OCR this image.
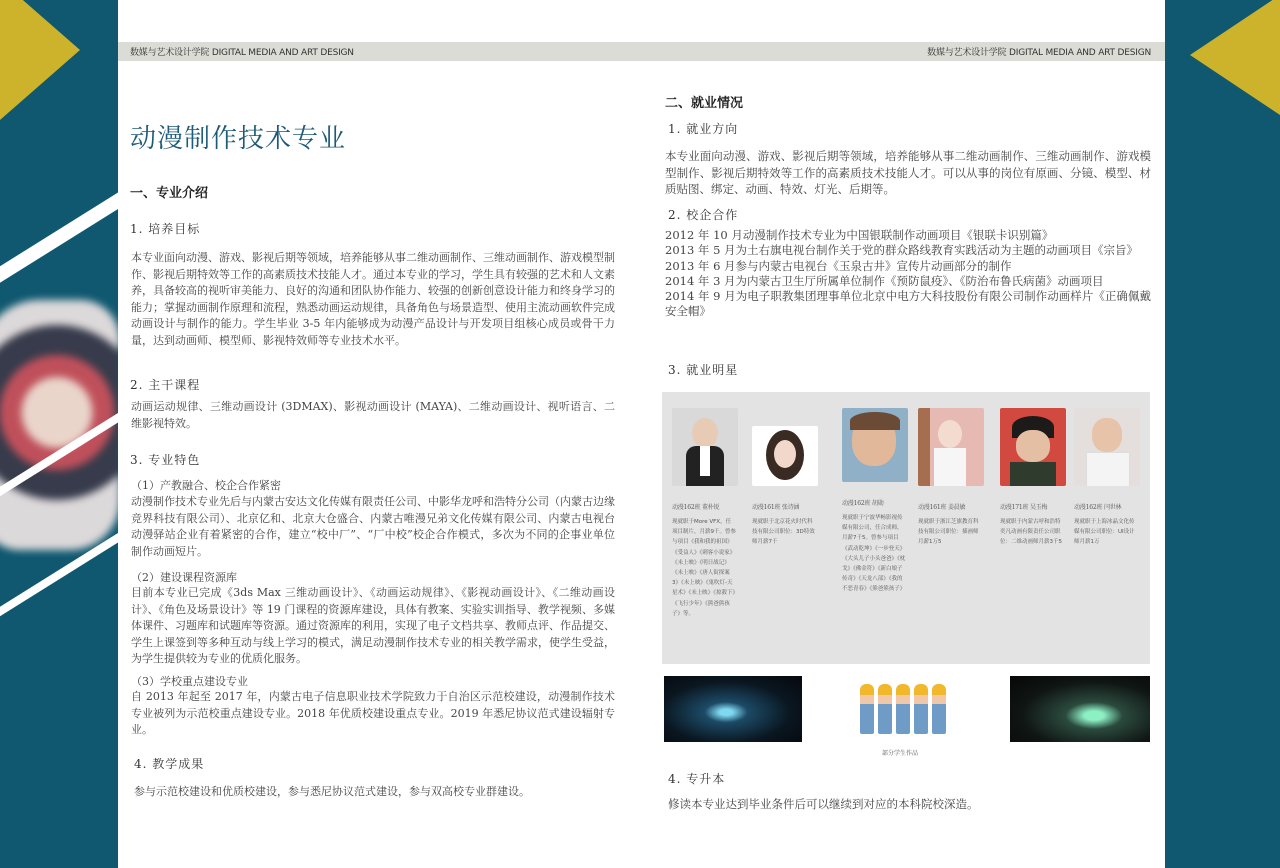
数媒与艺术设计学院 DIGITAL MEDIA AND ART DESIGN	数媒与艺术设计学院 DIGITAL MEDIA AND ART DESIGN
动漫制作技术专业
一、专业介绍
1. 培养目标
本专业面向动漫、游戏、影视后期等领域，培养能够从事二维动画制作、三维动画制作、游戏模型制作、影视后期特效等工作的高素质技术技能人才。通过本专业的学习，学生具有较强的艺术和人文素养，具备较高的视听审美能力、良好的沟通和团队协作能力、较强的创新创意设计能力和终身学习的能力；掌握动画制作原理和流程，熟悉动画运动规律，具备角色与场景造型、使用主流动画软件完成动画设计与制作的能力。学生毕业 3-5 年内能够成为动漫产品设计与开发项目组核心成员或骨干力量，达到动画师、模型师、影视特效师等专业技术水平。
2. 主干课程
动画运动规律、三维动画设计 (3DMAX)、影视动画设计 (MAYA)、二维动画设计、视听语言、二维影视特效。
3. 专业特色
（1）产教融合、校企合作紧密
动漫制作技术专业先后与内蒙古安达文化传媒有限责任公司、中影华龙呼和浩特分公司（内蒙古边缘竞界科技有限公司）、北京亿和、北京大仓盛合、内蒙古唯漫兄弟文化传媒有限公司、内蒙古电视台动漫驿站企业有着紧密的合作，建立“校中厂”、“厂中校”校企合作模式，多次为不同的企事业单位制作动画短片。
（2）建设课程资源库
目前本专业已完成《3ds Max 三维动画设计》、《动画运动规律》、《影视动画设计》、《二维动画设计》、《角色及场景设计》等 19 门课程的资源库建设，具体有教案、实验实训指导、教学视频、多媒体课件、习题库和试题库等资源。通过资源库的利用，实现了电子文档共享、教师点评、作品提交、学生上课签到等多种互动与线上学习的模式，满足动漫制作技术专业的相关教学需求，使学生受益，为学生提供较为专业的优质化服务。
（3）学校重点建设专业
自 2013 年起至 2017 年，内蒙古电子信息职业技术学院致力于自治区示范校建设，动漫制作技术专业被列为示范校重点建设专业。2018 年优质校建设重点专业。2019 年悉尼协议范式建设辐射专业。
4. 教学成果
参与示范校建设和优质校建设，参与悉尼协议范式建设，参与双高校专业群建设。
二、就业情况
1. 就业方向
本专业面向动漫、游戏、影视后期等领域，培养能够从事二维动画制作、三维动画制作、游戏模型制作、影视后期特效等工作的高素质技术技能人才。可以从事的岗位有原画、分镜、模型、材质贴图、绑定、动画、特效、灯光、后期等。
2. 校企合作
2012 年 10 月动漫制作技术专业为中国银联制作动画项目《银联卡识别篇》
2013 年 5 月为土右旗电视台制作关于党的群众路线教育实践活动为主题的动画项目《宗旨》
2013 年 6 月参与内蒙古电视台《玉泉古井》宣传片动画部分的制作
2014 年 3 月为内蒙古卫生厅所属单位制作《预防鼠疫》、《防治布鲁氏病菌》动画项目
2014 年 9 月为电子职教集团理事单位北京中电方大科技股份有限公司制作动画样片《正确佩戴安全帽》
3. 就业明星
动漫162班 董朴锐
现就职于More VFX，任项目制片，月薪9千。曾参与项目《我和我的祖国》《受益人》《刺客小说家》《未上映》《明日战记》《未上映》《唐人街探案3》《未上映》《鬼吹灯-天星术》《未上映》《掠殺下》《飞行少年》《熊爸熊孩子》等。
动漫161班 张诗涵
现就职于北京花火时代科技有限公司职位：3D特效师月薪7千
动漫162班 胡勋
现就职于宁波华畅影视传媒有限公司，任合成师，月薪7千5。曾参与项目《武动乾坤》《一步登天》《大头儿子小头爸爸》《枕戈》《佛金符》《新白娘子传奇》《天龙八部》《我的不恶青春》《熊爸熊孩子》
动漫161班 姜晨敏
现就职于浙江芝旗教育科技有限公司职位：插画师月薪1万5
动漫171班 吴玉梅
现就职于内蒙古呼和浩特奕凡动画有限责任公司职位：二维动画师月薪3千5
动漫162班 闫世林
现就职于上海冰晶文化传媒有限公司职位：UI设计师月薪1万
部分学生作品
4. 专升本
修读本专业达到毕业条件后可以继续到对应的本科院校深造。
